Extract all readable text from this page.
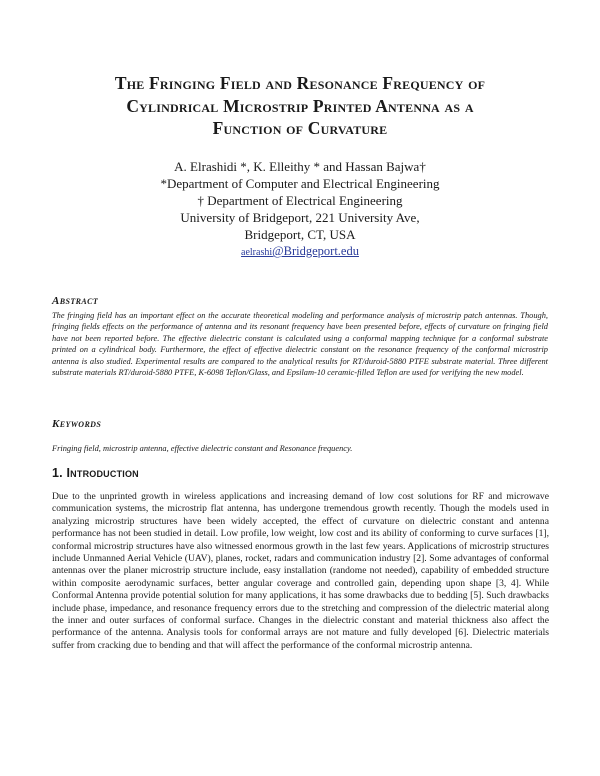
The Fringing Field and Resonance Frequency of
Cylindrical Microstrip Printed Antenna as a
Function of Curvature
A. Elrashidi *, K. Elleithy * and Hassan Bajwa†
*Department of Computer and Electrical Engineering
† Department of Electrical Engineering
University of Bridgeport, 221 University Ave,
Bridgeport, CT, USA
aelrashi@Bridgeport.edu
Abstract
The fringing field has an important effect on the accurate theoretical modeling and performance analysis of microstrip patch antennas. Though, fringing fields effects on the performance of antenna and its resonant frequency have been presented before, effects of curvature on fringing field have not been reported before. The effective dielectric constant is calculated using a conformal mapping technique for a conformal substrate printed on a cylindrical body. Furthermore, the effect of effective dielectric constant on the resonance frequency of the conformal microstrip antenna is also studied. Experimental results are compared to the analytical results for RT/duroid-5880 PTFE substrate material. Three different substrate materials RT/duroid-5880 PTFE, K-6098 Teflon/Glass, and Epsilam-10 ceramic-filled Teflon are used for verifying the new model.
Keywords
Fringing field, microstrip antenna, effective dielectric constant and Resonance frequency.
1. Introduction
Due to the unprinted growth in wireless applications and increasing demand of low cost solutions for RF and microwave communication systems, the microstrip flat antenna, has undergone tremendous growth recently. Though the models used in analyzing microstrip structures have been widely accepted, the effect of curvature on dielectric constant and antenna performance has not been studied in detail. Low profile, low weight, low cost and its ability of conforming to curve surfaces [1], conformal microstrip structures have also witnessed enormous growth in the last few years. Applications of microstrip structures include Unmanned Aerial Vehicle (UAV), planes, rocket, radars and communication industry [2]. Some advantages of conformal antennas over the planer microstrip structure include, easy installation (randome not needed), capability of embedded structure within composite aerodynamic surfaces, better angular coverage and controlled gain, depending upon shape [3, 4]. While Conformal Antenna provide potential solution for many applications, it has some drawbacks due to bedding [5]. Such drawbacks include phase, impedance, and resonance frequency errors due to the stretching and compression of the dielectric material along the inner and outer surfaces of conformal surface. Changes in the dielectric constant and material thickness also affect the performance of the antenna. Analysis tools for conformal arrays are not mature and fully developed [6]. Dielectric materials suffer from cracking due to bending and that will affect the performance of the conformal microstrip antenna.
